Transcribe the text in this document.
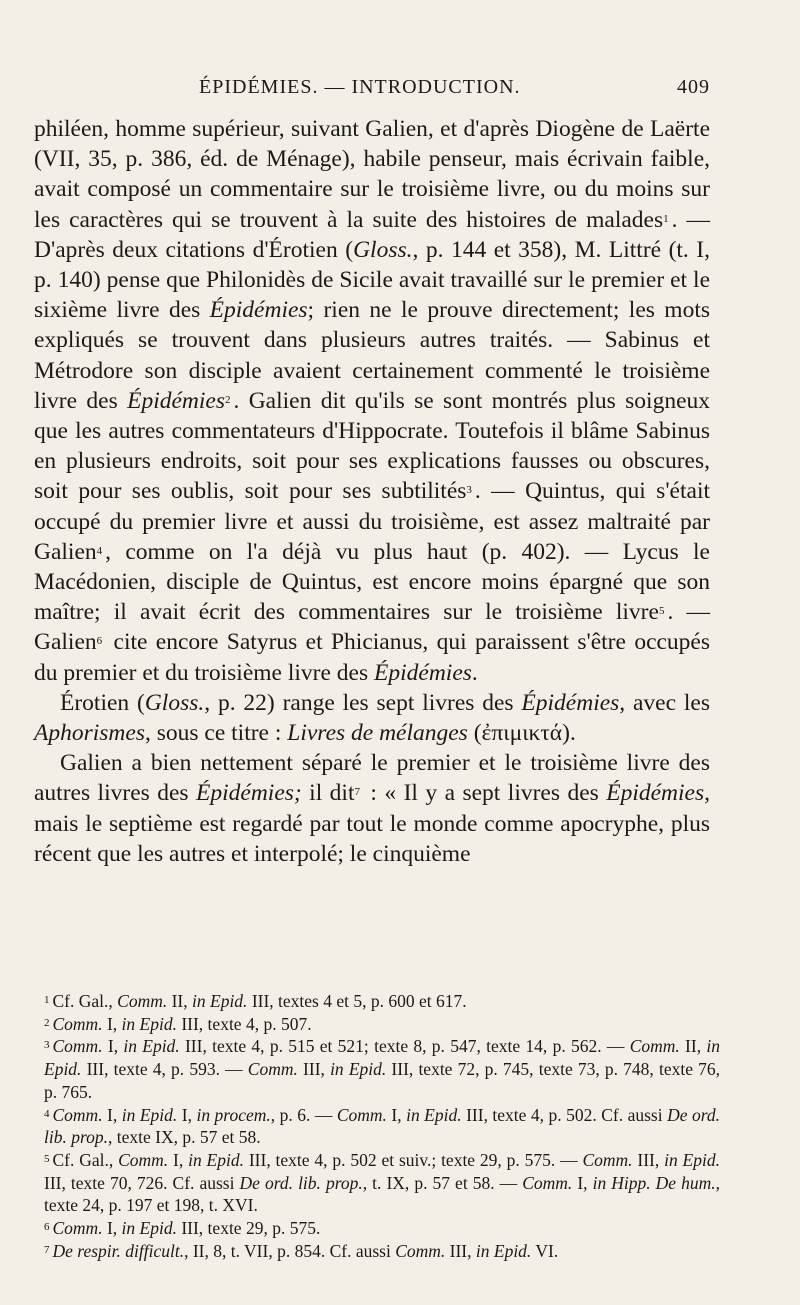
ÉPIDÉMIES. — INTRODUCTION.	409

philéen, homme supérieur, suivant Galien, et d'après Diogène de Laërte (VII, 35, p. 386, éd. de Ménage), habile penseur, mais écrivain faible, avait composé un commentaire sur le troisième livre, ou du moins sur les caractères qui se trouvent à la suite des histoires de malades$^1$ . — D'après deux citations d'Érotien (Gloss., p. 144 et 358), M. Littré (t. I, p. 140) pense que Philonidès de Sicile avait travaillé sur le premier et le sixième livre des Épidémies; rien ne le prouve directement; les mots expliqués se trouvent dans plusieurs autres traités. — Sabinus et Métrodore son disciple avaient certainement commenté le troisième livre des Épidémies$^2$ . Galien dit qu'ils se sont montrés plus soigneux que les autres commentateurs d'Hippocrate. Toutefois il blâme Sabinus en plusieurs endroits, soit pour ses explications fausses ou obscures, soit pour ses oublis, soit pour ses subtilités$^3$ . — Quintus, qui s'était occupé du premier livre et aussi du troisième, est assez maltraité par Galien$^4$ , comme on l'a déjà vu plus haut (p. 402). — Lycus le Macédonien, disciple de Quintus, est encore moins épargné que son maître; il avait écrit des commentaires sur le troisième livre$^5$ . — Galien$^6$ cite encore Satyrus et Phicianus, qui paraissent s'être occupés du premier et du troisième livre des Épidémies.

Érotien (Gloss., p. 22) range les sept livres des Épidémies, avec les Aphorismes, sous ce titre : Livres de mélanges (ἐπιμικτά).

Galien a bien nettement séparé le premier et le troisième livre des autres livres des Épidémies; il dit$^7$ : « Il y a sept livres des Épidémies, mais le septième est regardé par tout le monde comme apocryphe, plus récent que les autres et interpolé; le cinquième

$^1$ Cf. Gal., Comm. II, in Epid. III, textes 4 et 5, p. 600 et 617.

$^2$ Comm. I, in Epid. III, texte 4, p. 507.

$^3$ Comm. I, in Epid. III, texte 4, p. 515 et 521; texte 8, p. 547, texte 14, p. 562. — Comm. II, in Epid. III, texte 4, p. 593. — Comm. III, in Epid. III, texte 72, p. 745, texte 73, p. 748, texte 76, p. 765.

$^4$ Comm. I, in Epid. I, in procem., p. 6. — Comm. I, in Epid. III, texte 4, p. 502. Cf. aussi De ord. lib. prop., texte IX, p. 57 et 58.

$^5$ Cf. Gal., Comm. I, in Epid. III, texte 4, p. 502 et suiv.; texte 29, p. 575. — Comm. III, in Epid. III, texte 70, 726. Cf. aussi De ord. lib. prop., t. IX, p. 57 et 58. — Comm. I, in Hipp. De hum., texte 24, p. 197 et 198, t. XVI.

$^6$ Comm. I, in Epid. III, texte 29, p. 575.

$^7$ De respir. difficult., II, 8, t. VII, p. 854. Cf. aussi Comm. III, in Epid. VI.
